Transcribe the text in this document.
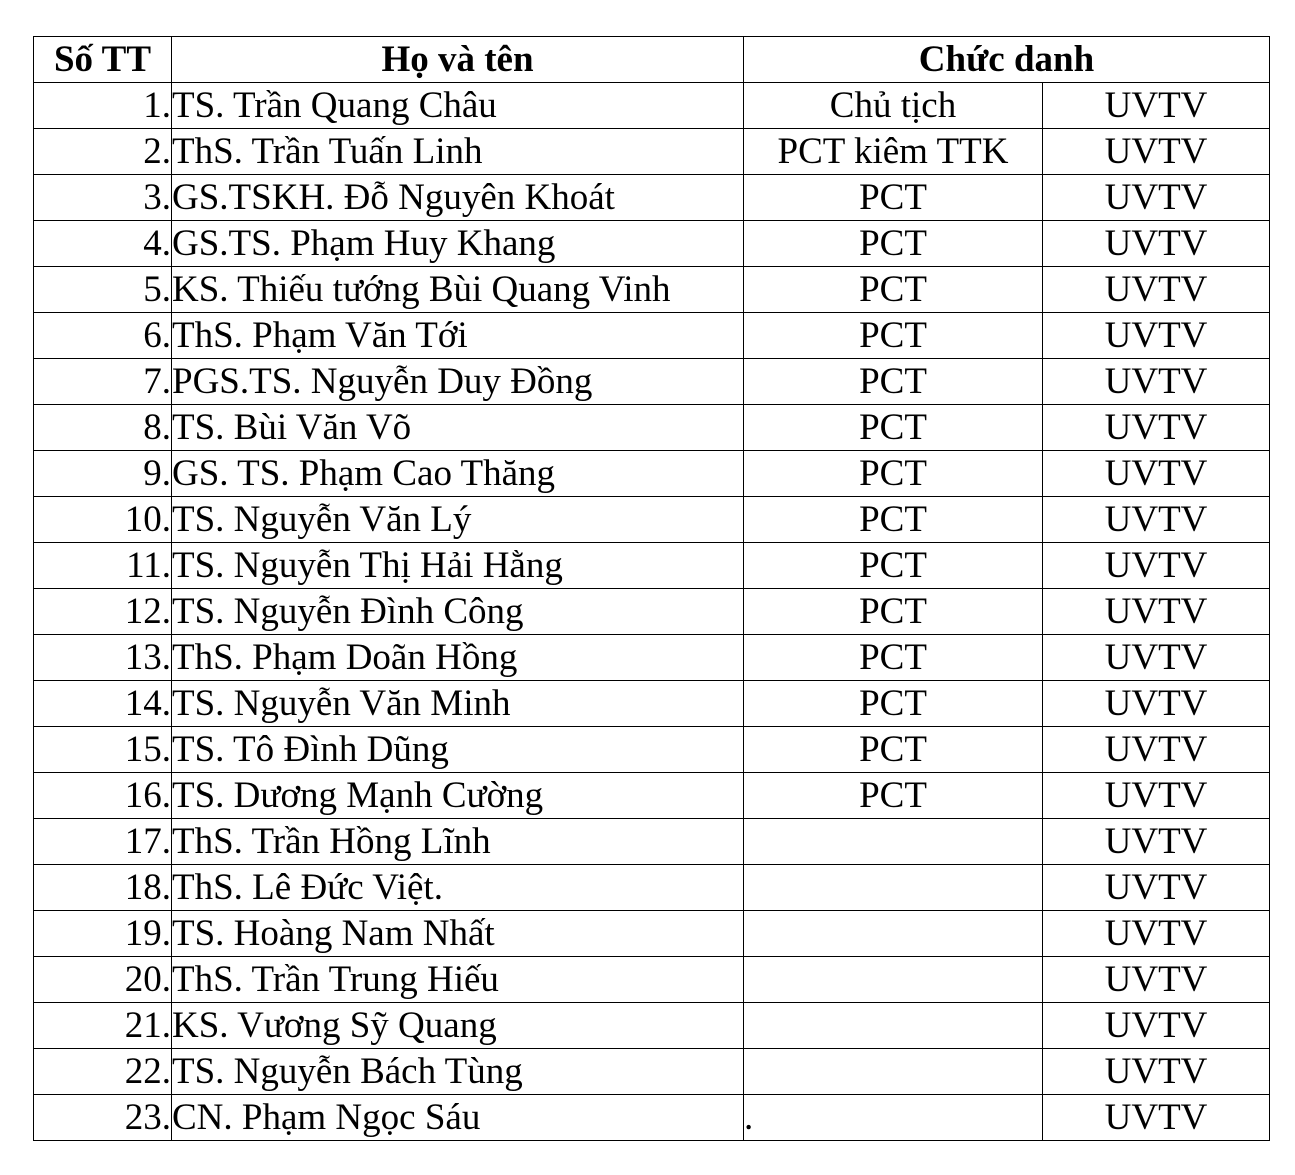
Số TT	Họ và tên	Chức danh	
1.	TS. Trần Quang Châu	Chủ tịch	UVTV
2.	ThS. Trần Tuấn Linh	PCT kiêm TTK	UVTV
3.	GS.TSKH. Đỗ Nguyên Khoát	PCT	UVTV
4.	GS.TS. Phạm Huy Khang	PCT	UVTV
5.	KS. Thiếu tướng Bùi Quang Vinh	PCT	UVTV
6.	ThS. Phạm Văn Tới	PCT	UVTV
7.	PGS.TS. Nguyễn Duy Đồng	PCT	UVTV
8.	TS. Bùi Văn Võ	PCT	UVTV
9.	GS. TS. Phạm Cao Thăng	PCT	UVTV
10.	TS. Nguyễn Văn Lý	PCT	UVTV
11.	TS. Nguyễn Thị Hải Hằng	PCT	UVTV
12.	TS. Nguyễn Đình Công	PCT	UVTV
13.	ThS. Phạm Doãn Hồng	PCT	UVTV
14.	TS. Nguyễn Văn Minh	PCT	UVTV
15.	TS. Tô Đình Dũng	PCT	UVTV
16.	TS. Dương Mạnh Cường	PCT	UVTV
17.	ThS. Trần Hồng Lĩnh		UVTV
18.	ThS. Lê Đức Việt.		UVTV
19.	TS. Hoàng Nam Nhất		UVTV
20.	ThS. Trần Trung Hiếu		UVTV
21.	KS. Vương Sỹ Quang		UVTV
22.	TS. Nguyễn Bách Tùng		UVTV
23.	CN. Phạm Ngọc Sáu	.	UVTV
